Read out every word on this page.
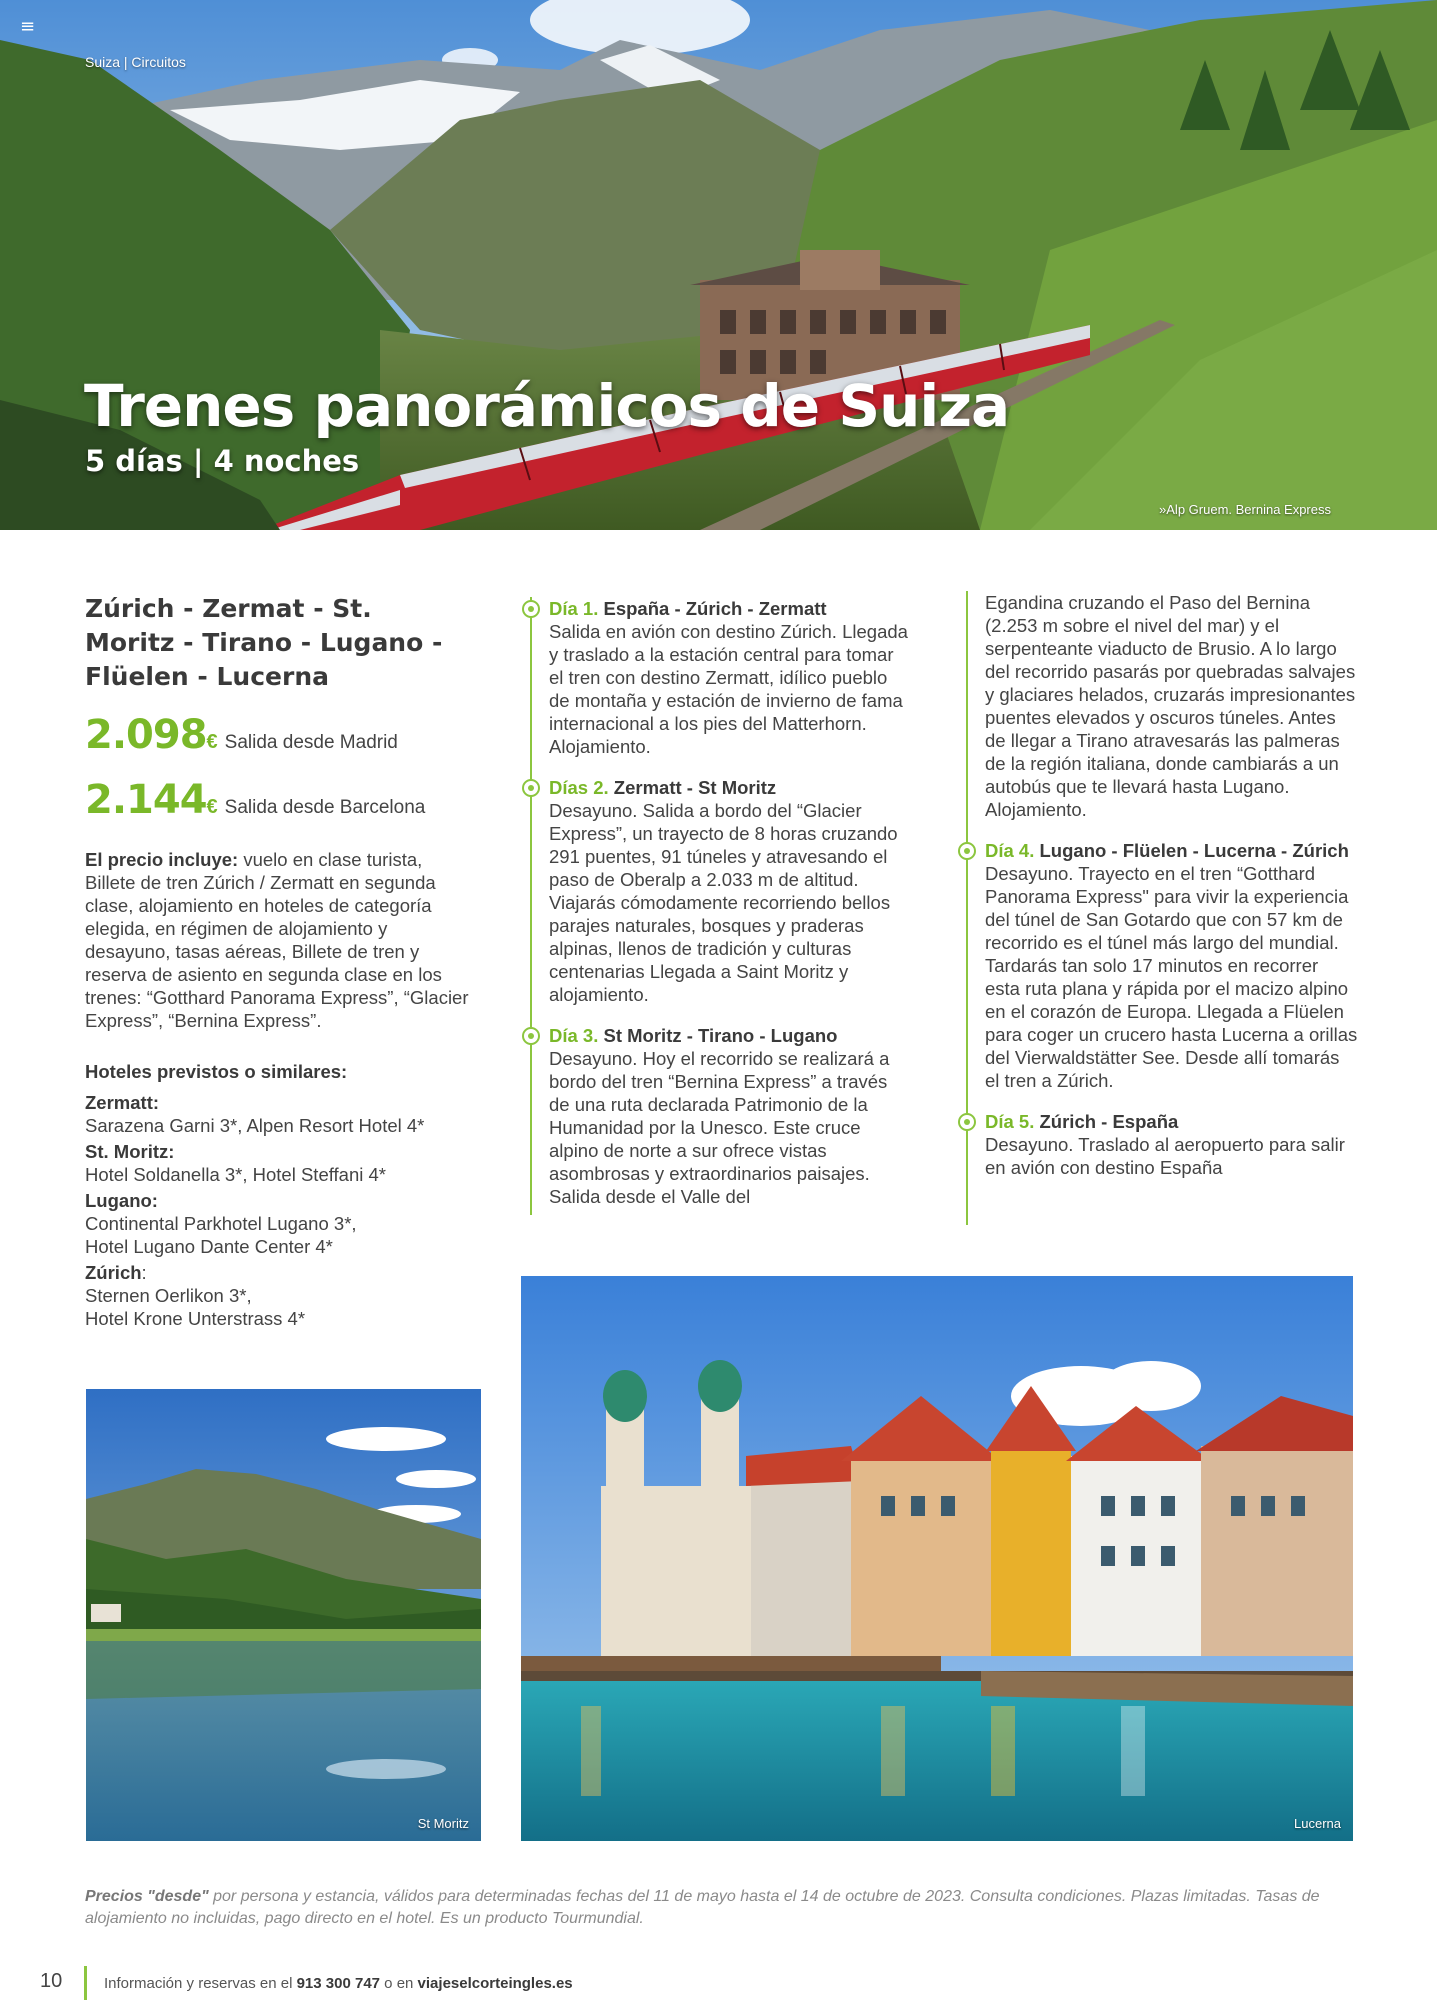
≡
Suiza | Circuitos
Trenes panorámicos de Suiza
5 días | 4 noches
»Alp Gruem. Bernina Express
Zúrich - Zermat - St. Moritz - Tirano - Lugano - Flüelen - Lucerna
2.098 € Salida desde Madrid
2.144 € Salida desde Barcelona

El precio incluye: vuelo en clase turista, Billete de tren Zúrich / Zermatt en segunda clase, alojamiento en hoteles de categoría elegida, en régimen de alojamiento y desayuno, tasas aéreas, Billete de tren y reserva de asiento en segunda clase en los trenes: “Gotthard Panorama Express”, “Glacier Express”, “Bernina Express”.

Hoteles previstos o similares:
Zermatt:
Sarazena Garni 3*, Alpen Resort Hotel 4*
St. Moritz:
Hotel Soldanella 3*, Hotel Steffani 4*
Lugano:
Continental Parkhotel Lugano 3*,
Hotel Lugano Dante Center 4*
Zúrich:
Sternen Oerlikon 3*,
Hotel Krone Unterstrass 4*
Día 1. España - Zúrich - Zermatt
Salida en avión con destino Zúrich. Llegada y traslado a la estación central para tomar el tren con destino Zermatt, idílico pueblo de montaña y estación de invierno de fama internacional a los pies del Matterhorn. Alojamiento.
Días 2. Zermatt - St Moritz
Desayuno. Salida a bordo del “Glacier Express”, un trayecto de 8 horas cruzando 291 puentes, 91 túneles y atravesando el paso de Oberalp a 2.033 m de altitud. Viajarás cómodamente recorriendo bellos parajes naturales, bosques y praderas alpinas, llenos de tradición y culturas centenarias Llegada a Saint Moritz y alojamiento.
Día 3. St Moritz - Tirano - Lugano
Desayuno. Hoy el recorrido se realizará a bordo del tren “Bernina Express” a través de una ruta declarada Patrimonio de la Humanidad por la Unesco. Este cruce alpino de norte a sur ofrece vistas asombrosas y extraordinarios paisajes. Salida desde el Valle del
Egandina cruzando el Paso del Bernina (2.253 m sobre el nivel del mar) y el serpenteante viaducto de Brusio. A lo largo del recorrido pasarás por quebradas salvajes y glaciares helados, cruzarás impresionantes puentes elevados y oscuros túneles. Antes de llegar a Tirano atravesarás las palmeras de la región italiana, donde cambiarás a un autobús que te llevará hasta Lugano. Alojamiento.
Día 4. Lugano - Flüelen - Lucerna - Zúrich
Desayuno. Trayecto en el tren “Gotthard Panorama Express" para vivir la experiencia del túnel de San Gotardo que con 57 km de recorrido es el túnel más largo del mundial. Tardarás tan solo 17 minutos en recorrer esta ruta plana y rápida por el macizo alpino en el corazón de Europa. Llegada a Flüelen para coger un crucero hasta Lucerna a orillas del Vierwaldstätter See. Desde allí tomarás el tren a Zúrich.
Día 5. Zúrich - España
Desayuno. Traslado al aeropuerto para salir en avión con destino España
St Moritz	Lucerna

Precios "desde" por persona y estancia, válidos para determinadas fechas del 11 de mayo hasta el 14 de octubre de 2023. Consulta condiciones. Plazas limitadas. Tasas de alojamiento no incluidas, pago directo en el hotel. Es un producto Tourmundial.

10	Información y reservas en el 913 300 747 o en viajeselcorteingles.es
